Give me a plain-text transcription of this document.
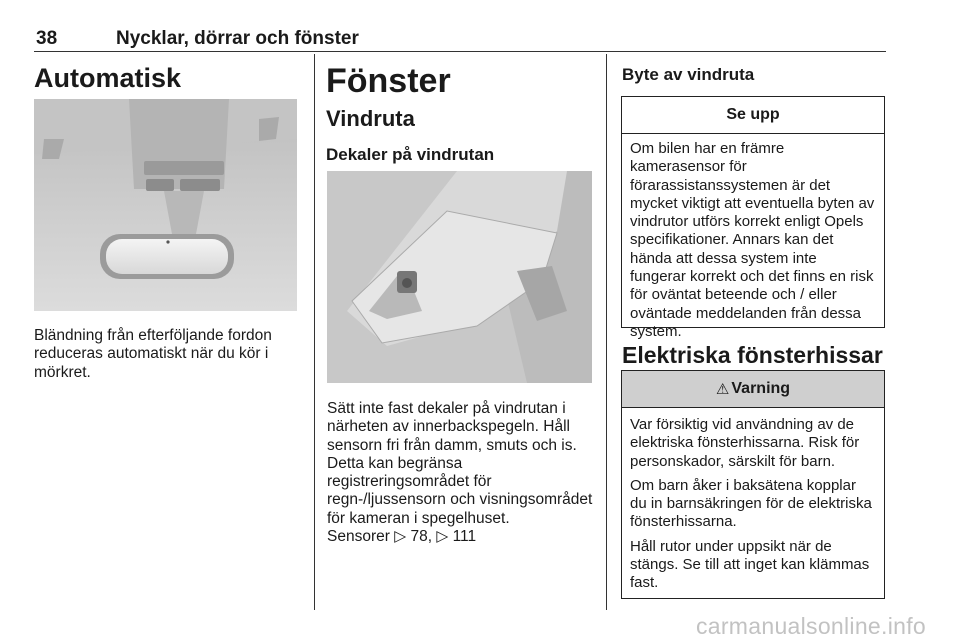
38	Nycklar, dörrar och fönster
Automatisk
Bländning från efterföljande fordon reduceras automatiskt när du kör i mörkret.
Fönster
Vindruta
Dekaler på vindrutan
Sätt inte fast dekaler på vindrutan i närheten av innerbackspegeln. Håll sensorn fri från damm, smuts och is. Detta kan begränsa registreringsområdet för regn-/ljussensorn och visningsområdet för kameran i spegelhuset.
Sensorer ▷ 78, ▷ 111
Byte av vindruta
Se upp
Om bilen har en främre kamerasensor för förarassistanssystemen är det mycket viktigt att eventuella byten av vindrutor utförs korrekt enligt Opels specifikationer. Annars kan det hända att dessa system inte fungerar korrekt och det finns en risk för oväntat beteende och / eller oväntade meddelanden från dessa system.
Elektriska fönsterhissar
⚠ Varning

Var försiktig vid användning av de elektriska fönsterhissarna. Risk för personskador, särskilt för barn.

Om barn åker i baksätena kopplar du in barnsäkringen för de elektriska fönsterhissarna.

Håll rutor under uppsikt när de stängs. Se till att inget kan klämmas fast.

carmanualsonline.info
